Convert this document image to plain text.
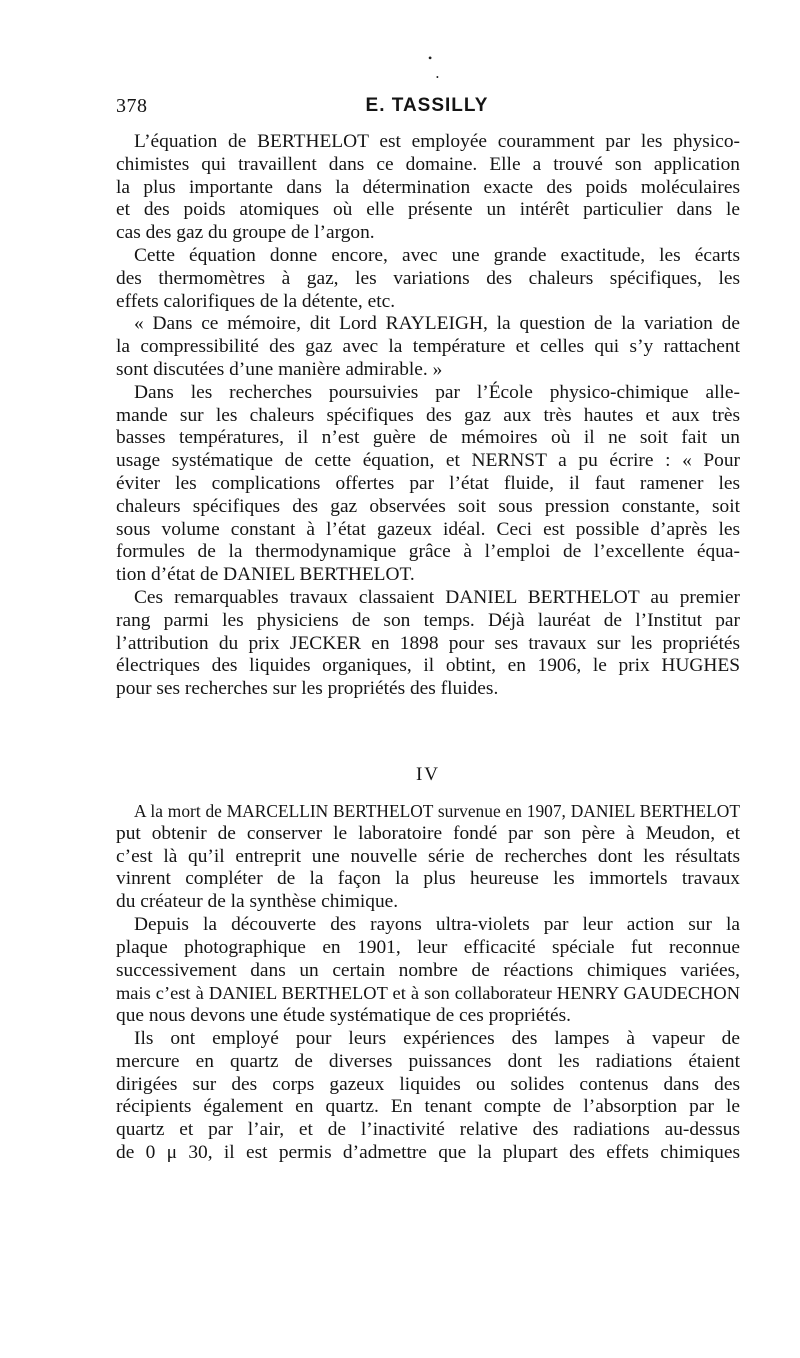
•
•
378	E. TASSILLY
L’équation de BERTHELOT est employée couramment par les physico-
chimistes qui travaillent dans ce domaine. Elle a trouvé son application
la plus importante dans la détermination exacte des poids moléculaires
et des poids atomiques où elle présente un intérêt particulier dans le
cas des gaz du groupe de l’argon.
Cette équation donne encore, avec une grande exactitude, les écarts
des thermomètres à gaz, les variations des chaleurs spécifiques, les
effets calorifiques de la détente, etc.
« Dans ce mémoire, dit Lord RAYLEIGH, la question de la variation de
la compressibilité des gaz avec la température et celles qui s’y rattachent
sont discutées d’une manière admirable. »
Dans les recherches poursuivies par l’École physico-chimique alle-
mande sur les chaleurs spécifiques des gaz aux très hautes et aux très
basses températures, il n’est guère de mémoires où il ne soit fait un
usage systématique de cette équation, et NERNST a pu écrire : « Pour
éviter les complications offertes par l’état fluide, il faut ramener les
chaleurs spécifiques des gaz observées soit sous pression constante, soit
sous volume constant à l’état gazeux idéal. Ceci est possible d’après les
formules de la thermodynamique grâce à l’emploi de l’excellente équa-
tion d’état de DANIEL BERTHELOT.
Ces remarquables travaux classaient DANIEL BERTHELOT au premier
rang parmi les physiciens de son temps. Déjà lauréat de l’Institut par
l’attribution du prix JECKER en 1898 pour ses travaux sur les propriétés
électriques des liquides organiques, il obtint, en 1906, le prix HUGHES
pour ses recherches sur les propriétés des fluides.
IV
A la mort de MARCELLIN BERTHELOT survenue en 1907, DANIEL BERTHELOT
put obtenir de conserver le laboratoire fondé par son père à Meudon, et
c’est là qu’il entreprit une nouvelle série de recherches dont les résultats
vinrent compléter de la façon la plus heureuse les immortels travaux
du créateur de la synthèse chimique.
Depuis la découverte des rayons ultra-violets par leur action sur la
plaque photographique en 1901, leur efficacité spéciale fut reconnue
successivement dans un certain nombre de réactions chimiques variées,
mais c’est à DANIEL BERTHELOT et à son collaborateur HENRY GAUDECHON
que nous devons une étude systématique de ces propriétés.
Ils ont employé pour leurs expériences des lampes à vapeur de
mercure en quartz de diverses puissances dont les radiations étaient
dirigées sur des corps gazeux liquides ou solides contenus dans des
récipients également en quartz. En tenant compte de l’absorption par le
quartz et par l’air, et de l’inactivité relative des radiations au-dessus
de 0 μ 30, il est permis d’admettre que la plupart des effets chimiques
